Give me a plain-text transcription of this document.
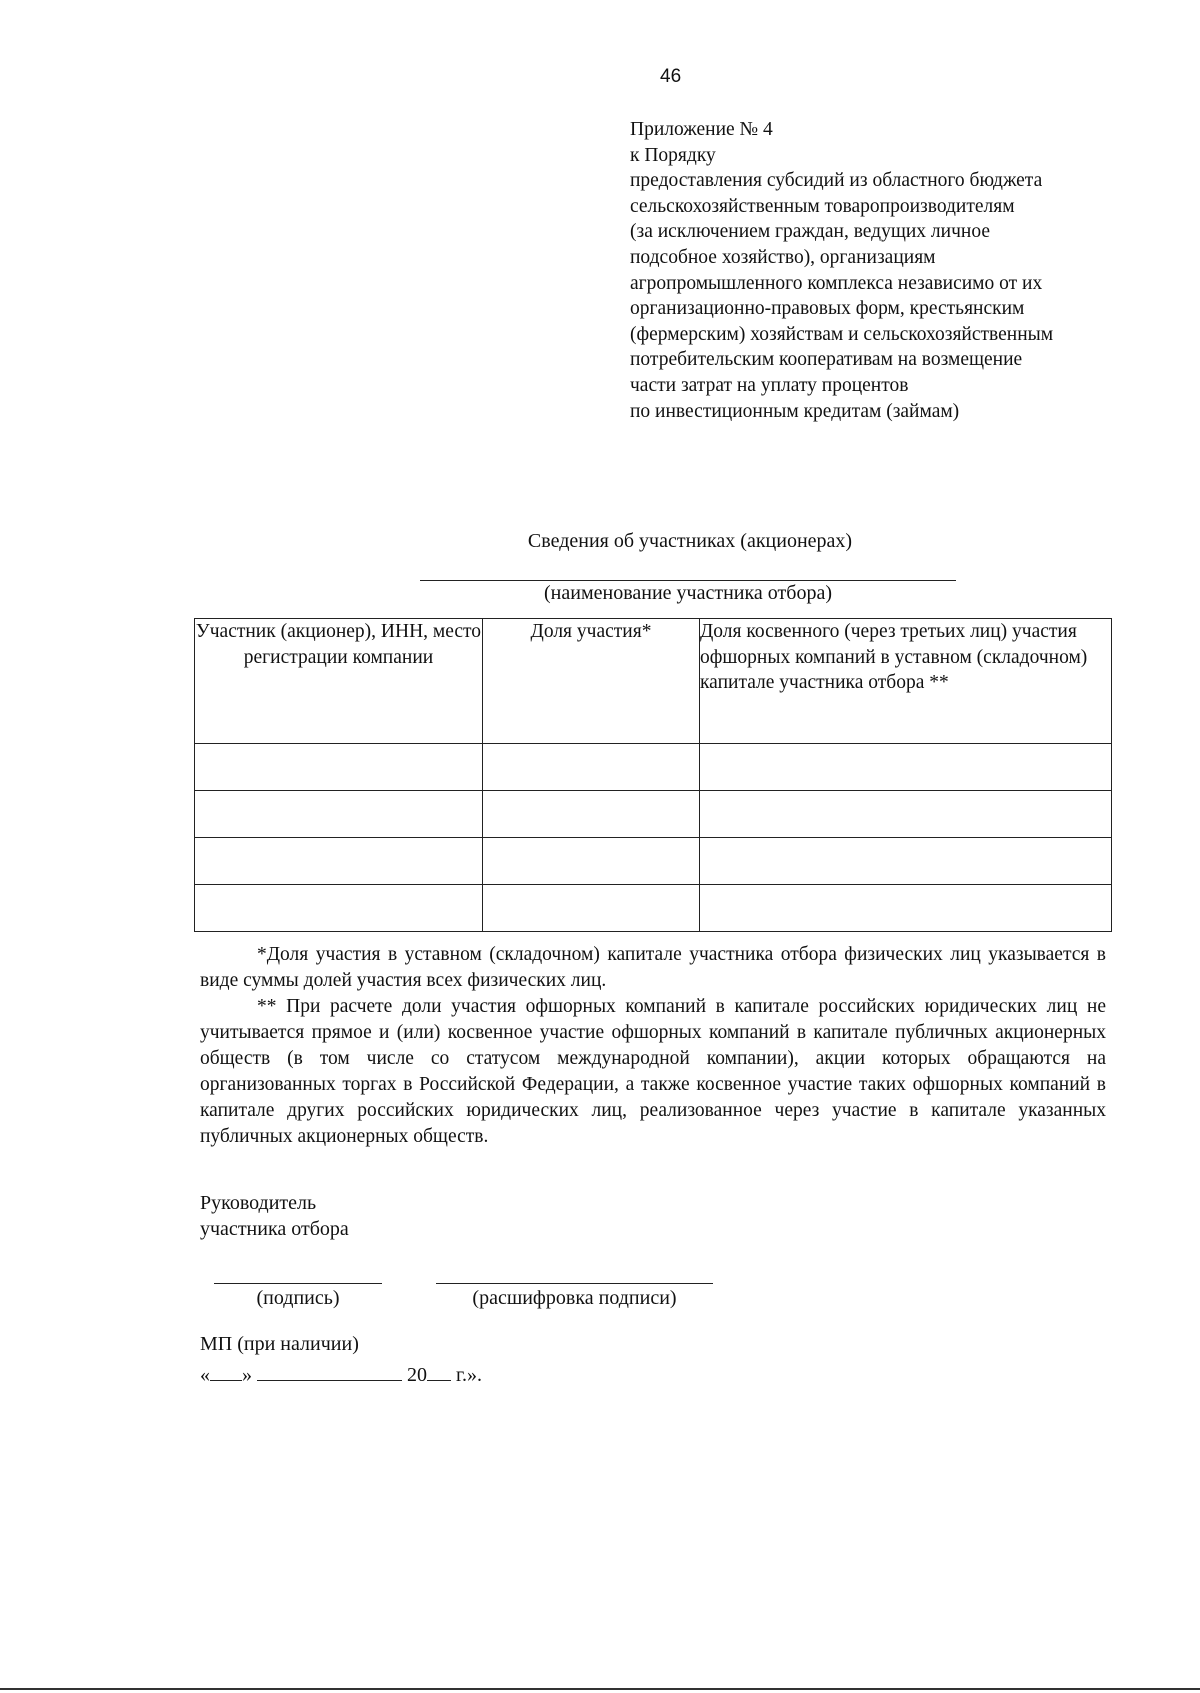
46
Приложение № 4
к Порядку
предоставления субсидий из областного бюджета
сельскохозяйственным товаропроизводителям
(за исключением граждан, ведущих личное
подсобное хозяйство), организациям
агропромышленного комплекса независимо от их
организационно-правовых форм, крестьянским
(фермерским) хозяйствам и сельскохозяйственным
потребительским кооперативам на возмещение
части затрат на уплату процентов
по инвестиционным кредитам (займам)
Сведения об участниках (акционерах)
(наименование участника отбора)
Участник (акционер), ИНН, место регистрации компании	Доля участия*	Доля косвенного (через третьих лиц) участия офшорных компаний в уставном (складочном) капитале участника отбора **

*Доля участия в уставном (складочном) капитале участника отбора физических лиц указывается в виде суммы долей участия всех физических лиц.

** При расчете доли участия офшорных компаний в капитале российских юридических лиц не учитывается прямое и (или) косвенное участие офшорных компаний в капитале публичных акционерных обществ (в том числе со статусом международной компании), акции которых обращаются на организованных торгах в Российской Федерации, а также косвенное участие таких офшорных компаний в капитале других российских юридических лиц, реализованное через участие в капитале указанных публичных акционерных обществ.

Руководитель
участника отбора
(подпись)	(расшифровка подписи)
МП (при наличии)
« »	20 г.».
